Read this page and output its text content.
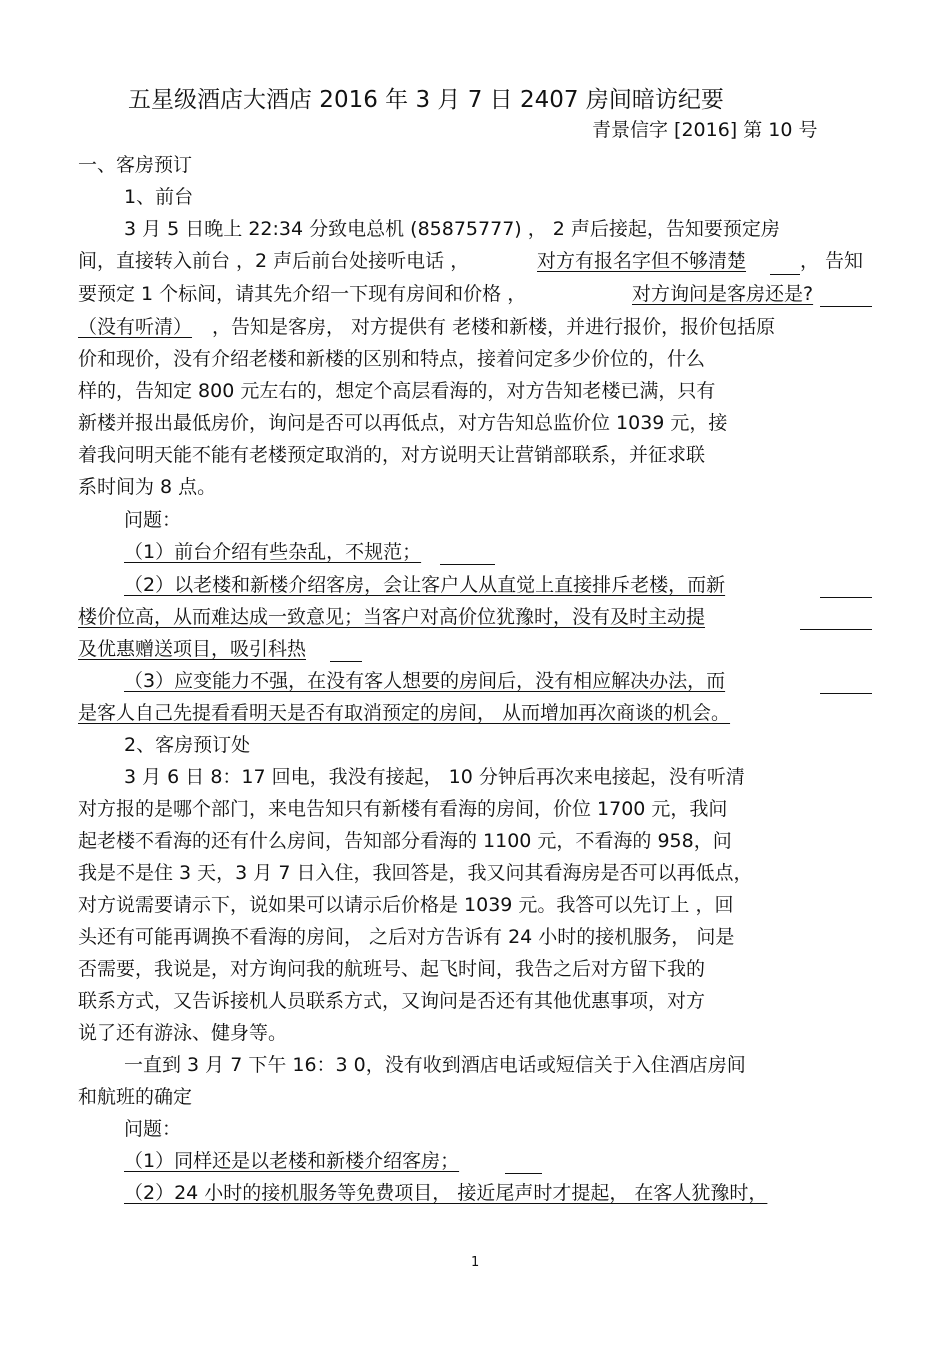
五星级酒店大酒店 2016 年 3 月 7 日 2407 房间暗访纪要
青景信字 [2016] 第 10 号
一、客房预订
1、前台
3 月 5 日晚上 22:34 分致电总机 (85875777) ， 2 声后接起，告知要预定房
间，直接转入前台 ，2 声后前台处接听电话 ，	对方有报名字但不够清楚	， 告知
要预定 1 个标间，请其先介绍一下现有房间和价格 ，	对方询问是客房还是?
（没有听清） ，告知是客房， 对方提供有 老楼和新楼，并进行报价，报价包括原
价和现价，没有介绍老楼和新楼的区别和特点，接着问定多少价位的，什么
样的，告知定 800 元左右的，想定个高层看海的，对方告知老楼已满，只有
新楼并报出最低房价，询问是否可以再低点，对方告知总监价位 1039 元，接
着我问明天能不能有老楼预定取消的，对方说明天让营销部联系，并征求联
系时间为 8 点。
问题：
（1）前台介绍有些杂乱，不规范；
（2）以老楼和新楼介绍客房，会让客户人从直觉上直接排斥老楼，而新
楼价位高，从而难达成一致意见；当客户对高价位犹豫时，没有及时主动提
及优惠赠送项目，吸引科热
（3）应变能力不强，在没有客人想要的房间后，没有相应解决办法，而
是客人自己先提看看明天是否有取消预定的房间， 从而增加再次商谈的机会。
2、客房预订处
3 月 6 日 8：17 回电，我没有接起， 10 分钟后再次来电接起，没有听清
对方报的是哪个部门，来电告知只有新楼有看海的房间，价位 1700 元，我问
起老楼不看海的还有什么房间，告知部分看海的 1100 元，不看海的 958，问
我是不是住 3 天，3 月 7 日入住，我回答是，我又问其看海房是否可以再低点，
对方说需要请示下，说如果可以请示后价格是 1039 元。我答可以先订上 ，回
头还有可能再调换不看海的房间， 之后对方告诉有 24 小时的接机服务， 问是
否需要，我说是，对方询问我的航班号、起飞时间，我告之后对方留下我的
联系方式，又告诉接机人员联系方式，又询问是否还有其他优惠事项，对方
说了还有游泳、健身等。
一直到 3 月 7 下午 16：3 0，没有收到酒店电话或短信关于入住酒店房间
和航班的确定
问题：
（1）同样还是以老楼和新楼介绍客房；
（2）24 小时的接机服务等免费项目， 接近尾声时才提起， 在客人犹豫时，
1
